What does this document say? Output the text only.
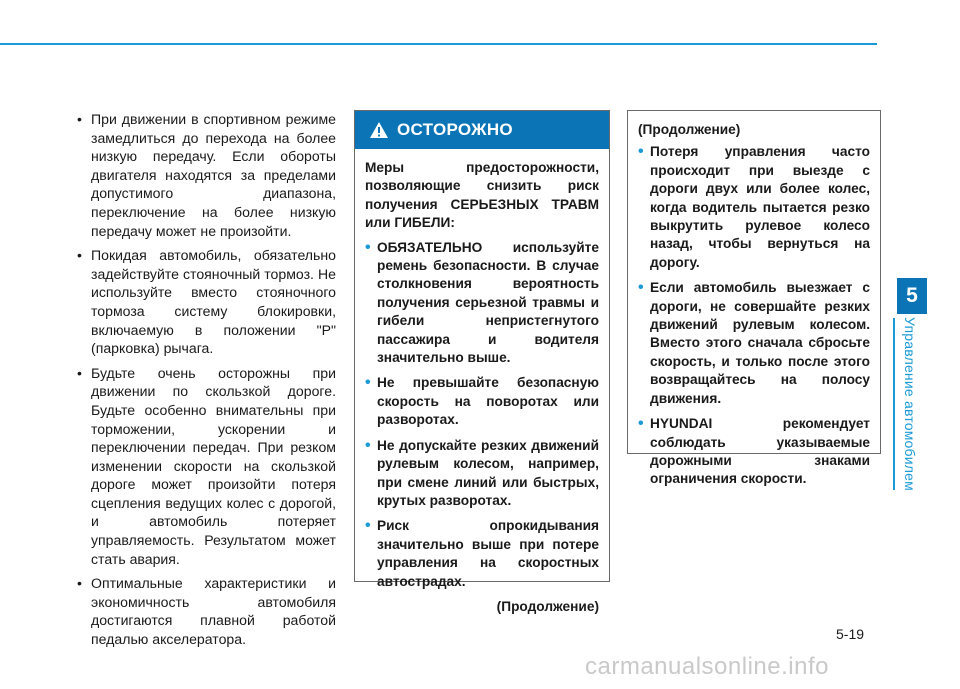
5
Управление автомобилем
• При движении в спортивном режиме замедлиться до перехода на более низкую передачу. Если обороты двигателя находятся за пределами допустимого диапазона, переключение на более низкую передачу может не произойти.
• Покидая автомобиль, обязательно задействуйте стояночный тормоз. Не используйте вместо стояночного тормоза систему блокировки, включаемую в положении "P" (парковка) рычага.
• Будьте очень осторожны при движении по скользкой дороге. Будьте особенно внимательны при торможении, ускорении и переключении передач. При резком изменении скорости на скользкой дороге может произойти потеря сцепления ведущих колес с дорогой, и автомобиль потеряет управляемость. Результатом может стать авария.
• Оптимальные характеристики и экономичность автомобиля достигаются плавной работой педалью акселератора.
ОСТОРОЖНО

Меры предосторожности, позволяющие снизить риск получения СЕРЬЕЗНЫХ ТРАВМ или ГИБЕЛИ:

• ОБЯЗАТЕЛЬНО используйте ремень безопасности. В случае столкновения вероятность получения серьезной травмы и гибели непристегнутого пассажира и водителя значительно выше.
• Не превышайте безопасную скорость на поворотах или разворотах.
• Не допускайте резких движений рулевым колесом, например, при смене линий или быстрых, крутых разворотах.
• Риск опрокидывания значительно выше при потере управления на скоростных автострадах.

(Продолжение)

(Продолжение)

• Потеря управления часто происходит при выезде с дороги двух или более колес, когда водитель пытается резко выкрутить рулевое колесо назад, чтобы вернуться на дорогу.
• Если автомобиль выезжает с дороги, не совершайте резких движений рулевым колесом. Вместо этого сначала сбросьте скорость, и только после этого возвращайтесь на полосу движения.
• HYUNDAI рекомендует соблюдать указываемые дорожными знаками ограничения скорости.
5-19
carmanualsonline.info
